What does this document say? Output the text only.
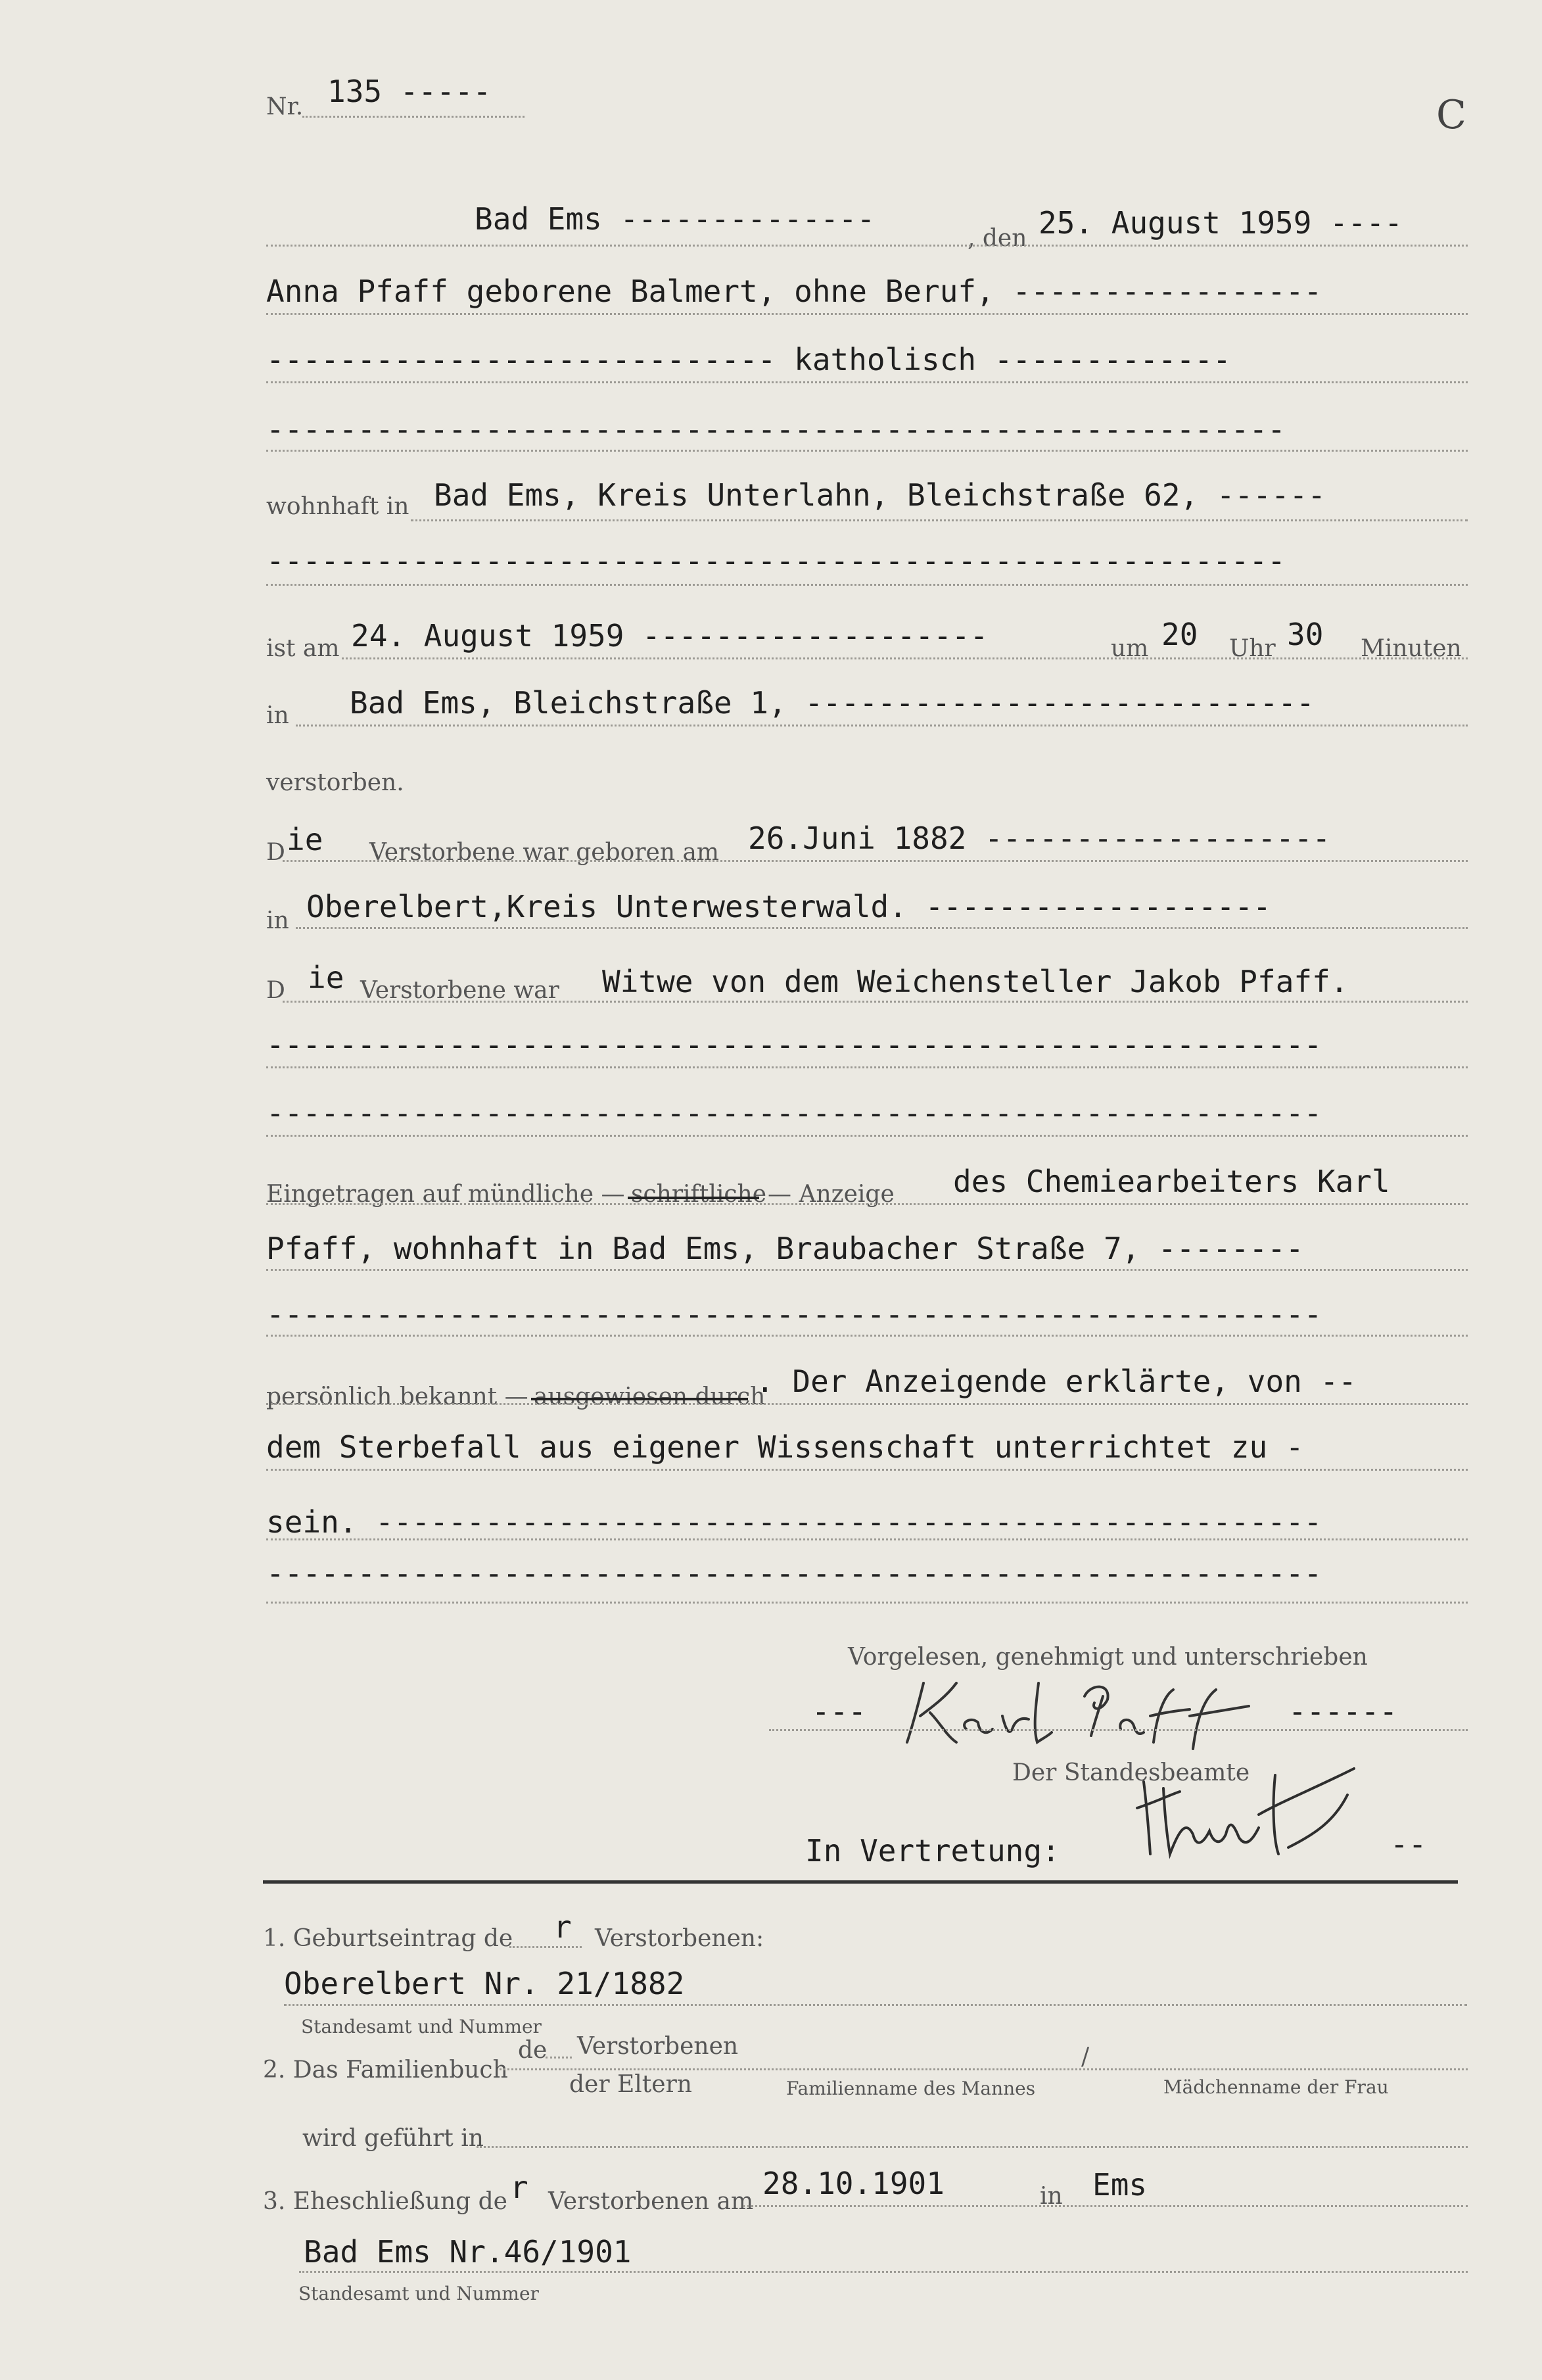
C
Nr. 135 -----
Bad Ems --------------
, den 25. August 1959 ----
Anna Pfaff geborene Balmert, ohne Beruf, -----------------
---------------------------- katholisch -------------
--------------------------------------------------------
wohnhaft in Bad Ems, Kreis Unterlahn, Bleichstraße 62, ------
--------------------------------------------------------
ist am 24. August 1959 -------------------	um 20 Uhr 30 Minuten
in Bad Ems, Bleichstraße 1, ----------------------------
verstorben.
D ie Verstorbene war geboren am 26.Juni 1882 -------------------
in Oberelbert,Kreis Unterwesterwald. -------------------
D ie Verstorbene war Witwe von dem Weichensteller Jakob Pfaff.
----------------------------------------------------------
----------------------------------------------------------
Eingetragen auf mündliche — schriftliche — Anzeige des Chemiearbeiters Karl
Pfaff, wohnhaft in Bad Ems, Braubacher Straße 7, --------
----------------------------------------------------------
persönlich bekannt — ausgewiesen durch
. Der Anzeigende erklärte, von --
dem Sterbefall aus eigener Wissenschaft unterrichtet zu -
sein. ----------------------------------------------------
----------------------------------------------------------
Vorgelesen, genehmigt und unterschrieben
---	------
Der Standesbeamte
In Vertretung:	--
1. Geburtseintrag de r Verstorbenen:
Oberelbert Nr. 21/1882
Standesamt und Nummer
2. Das Familienbuch
de Verstorbenen	/
der Eltern	Familienname des Mannes	Mädchenname der Frau
wird geführt in
3. Eheschließung de r Verstorbenen am
28.10.1901	in Ems
Bad Ems Nr.46/1901
Standesamt und Nummer
